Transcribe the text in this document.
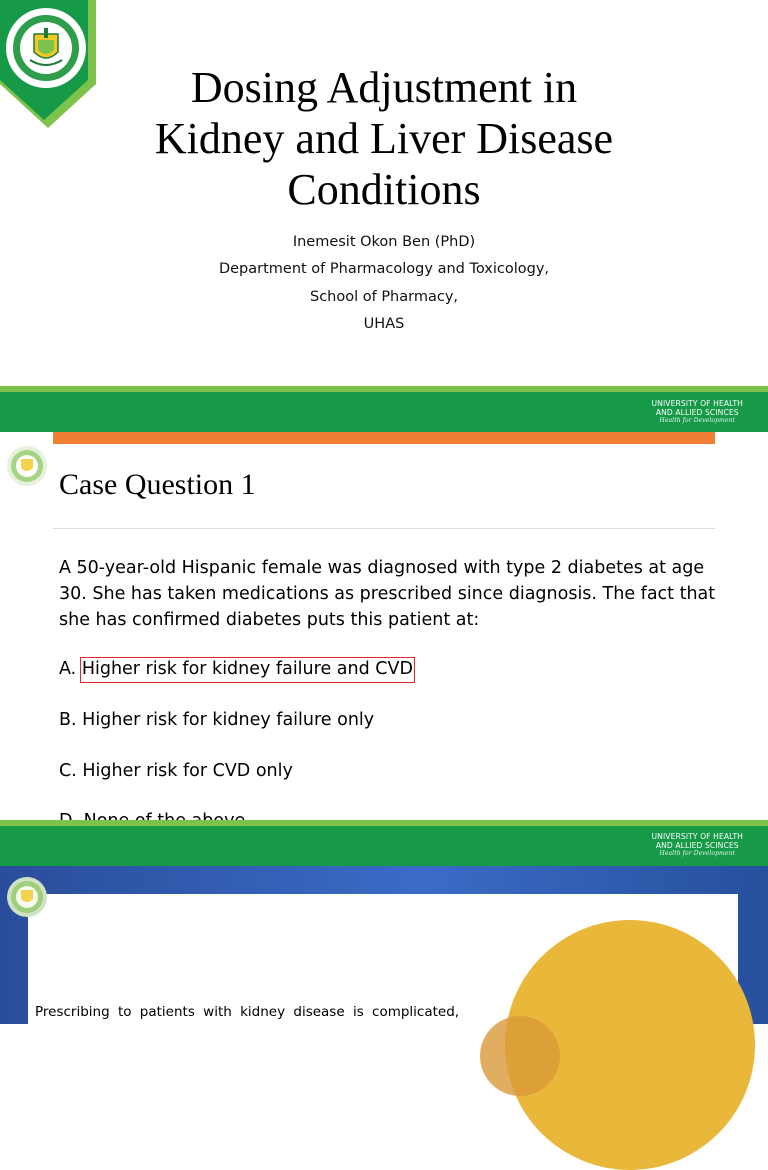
Dosing Adjustment in
Kidney and Liver Disease
Conditions
Inemesit Okon Ben (PhD)
Department of Pharmacology and Toxicology,
School of Pharmacy,
UHAS
UNIVERSITY OF HEALTH
AND ALLIED SCINCES
Health for Development
Case Question 1
A 50-year-old Hispanic female was diagnosed with type 2 diabetes at age 30. She has taken medications as prescribed since diagnosis. The fact that she has confirmed diabetes puts this patient at:
A. Higher risk for kidney failure and CVD
B. Higher risk for kidney failure only
C. Higher risk for CVD only
UNIVERSITY OF HEALTH
AND ALLIED SCINCES
Health for Development
Prescribing to patients with kidney disease is complicated,
